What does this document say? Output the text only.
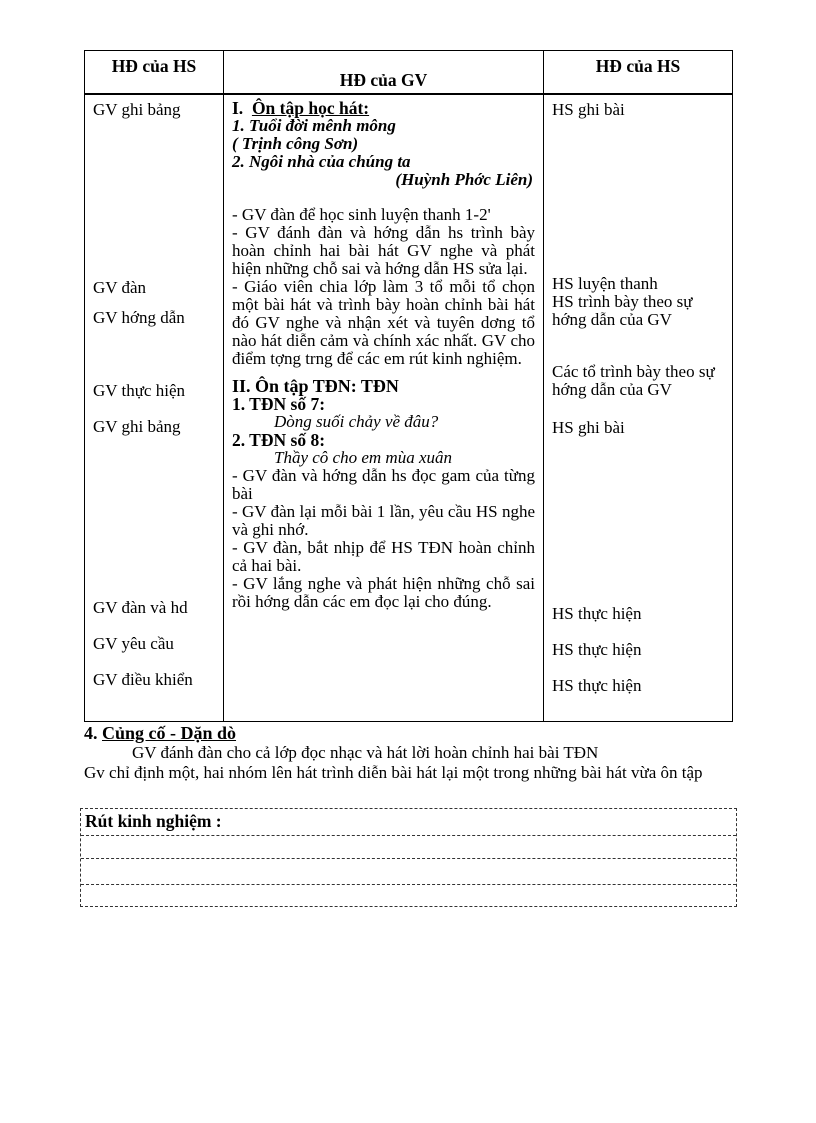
HĐ của HS
HĐ của GV
HĐ của HS
GV ghi bảng
GV đàn
GV hớng dẫn
GV thực hiện
GV ghi bảng
GV đàn và hd
GV yêu cầu
GV điều khiển

I. Ôn tập học hát:

1. Tuổi đời mênh mông

( Trịnh công Sơn)

2. Ngôi nhà của chúng ta

(Huỳnh Phớc Liên)

- GV đàn để học sinh luyện thanh 1-2'

- GV đánh đàn và hớng dẫn hs trình bày hoàn chỉnh hai bài hát GV nghe và phát hiện những chỗ sai và hớng dẫn HS sửa lại.

- Giáo viên chia lớp làm 3 tổ mỗi tổ chọn một bài hát và trình bày hoàn chỉnh bài hát đó GV nghe và nhận xét và tuyên dơng tổ nào hát diễn cảm và chính xác nhất. GV cho điểm tợng trng để các em rút kinh nghiệm.

II. Ôn tập TĐN: TĐN

1. TĐN số 7:

Dòng suối chảy về đâu?

2. TĐN số 8:

Thầy cô cho em mùa xuân

- GV đàn và hớng dẫn hs đọc gam của từng bài

- GV đàn lại mỗi bài 1 lần, yêu cầu HS nghe và ghi nhớ.

- GV đàn, bắt nhịp để HS TĐN hoàn chỉnh cả hai bài.

- GV lắng nghe và phát hiện những chỗ sai rồi hớng dẫn các em đọc lại cho đúng.

HS ghi bài
HS luyện thanh
HS trình bày theo sự hớng dẫn của GV
Các tổ trình bày theo sự hớng dẫn của GV
HS ghi bài
HS thực hiện
HS thực hiện
HS thực hiện

4. Củng cố - Dặn dò

GV đánh đàn cho cả lớp đọc nhạc và hát lời hoàn chỉnh hai bài TĐN

Gv chỉ định một, hai nhóm lên hát trình diễn bài hát lại một trong những bài hát vừa ôn tập

Rút kinh nghiệm :
